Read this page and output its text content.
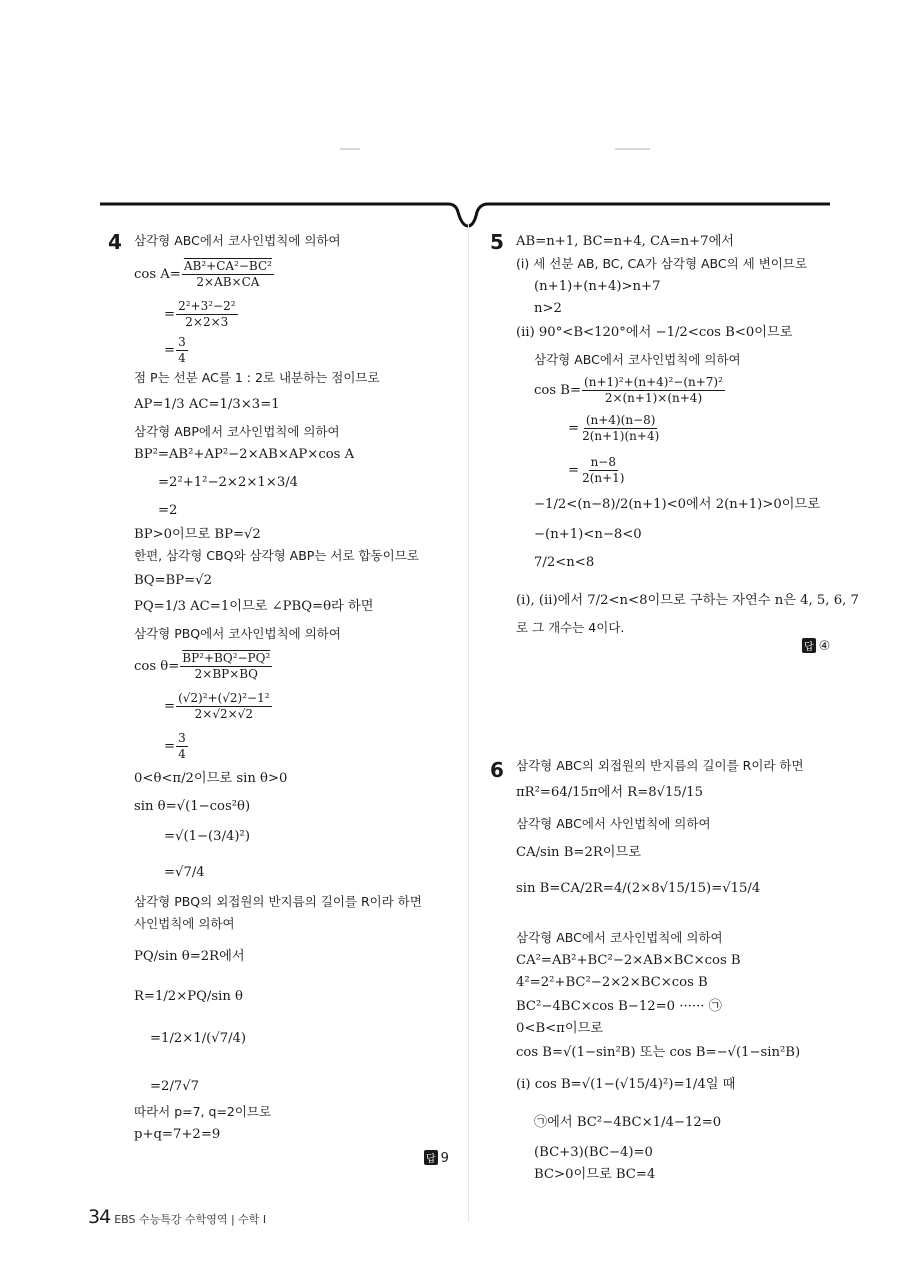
4 삼각형 ABC에서 코사인법칙에 의하여
$\cos A= \frac{\text{AB²+CA²−BC²}}{2\times AB\times CA}$
= $\frac{\text{2²+3²−2²}}{2\times 2\times 3}$
= $\frac{3}{4}$
점 P는 선분 AC를 1 : 2로 내분하는 점이므로
AP=1/3 AC=1/3×3=1
삼각형 ABP에서 코사인법칙에 의하여
BP²=AB²+AP²−2×AB×AP×cos A
=2²+1²−2×2×1×3/4
=2
BP>0이므로 BP=√2
한편, 삼각형 CBQ와 삼각형 ABP는 서로 합동이므로
BQ=BP=√2
PQ=1/3 AC=1이므로 ∠PBQ=θ라 하면
삼각형 PBQ에서 코사인법칙에 의하여
$\cos \theta= \frac{\text{BP²+BQ²−PQ²}}{2\times BP\times BQ}$
= $\frac{\text{(√2)²+(√2)²−1²}}{2\times√2\times√2}$
= $\frac{3}{4}$
0<θ<π/2이므로 sin θ>0
sin θ=√(1−cos²θ)
=√(1−(3/4)²)
=√7/4
삼각형 PBQ의 외접원의 반지름의 길이를 R이라 하면
사인법칙에 의하여
PQ/sin θ=2R에서
R=1/2×PQ/sin θ
=1/2×1/(√7/4)
=2/7√7
따라서 p=7, q=2이므로
p+q=7+2=9
답 9
5 AB=n+1, BC=n+4, CA=n+7에서
(i) 세 선분 AB, BC, CA가 삼각형 ABC의 세 변이므로
(n+1)+(n+4)>n+7
n>2
(ii) 90°<B<120°에서 −1/2<cos B<0이므로
삼각형 ABC에서 코사인법칙에 의하여
$\cos B= \frac{\text{(n+1)²+(n+4)²−(n+7)²}}{2\times(n+1)\times(n+4)}$
= $\frac{(n+4)(n-8)}{2(n+1)(n+4)}$
= $\frac{n-8}{2(n+1)}$
−1/2<(n−8)/2(n+1)<0에서 2(n+1)>0이므로
−(n+1)<n−8<0
7/2<n<8
(i), (ii)에서 7/2<n<8이므로 구하는 자연수 n은 4, 5, 6, 7
로 그 개수는 4이다.
답 ④
6 삼각형 ABC의 외접원의 반지름의 길이를 R이라 하면
πR²=64/15π에서 R=8√15/15
삼각형 ABC에서 사인법칙에 의하여
CA/sin B=2R이므로
sin B=CA/2R=4/(2×8√15/15)=√15/4
삼각형 ABC에서 코사인법칙에 의하여
CA²=AB²+BC²−2×AB×BC×cos B
4²=2²+BC²−2×2×BC×cos B
BC²−4BC×cos B−12=0 ······ ㉠
0<B<π이므로
cos B=√(1−sin²B) 또는 cos B=−√(1−sin²B)
(i) cos B=√(1−(√15/4)²)=1/4일 때
㉠에서 BC²−4BC×1/4−12=0
(BC+3)(BC−4)=0
BC>0이므로 BC=4
34 EBS 수능특강 수학영역 | 수학 Ⅰ
